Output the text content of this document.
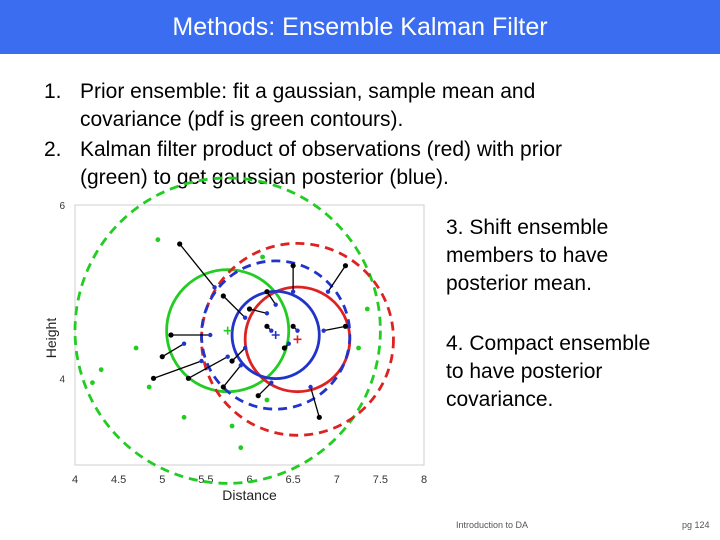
Methods: Ensemble Kalman Filter
1. Prior ensemble: fit a gaussian, sample mean and
covariance (pdf is green contours).
2. Kalman filter product of observations (red) with prior
(green) to get gaussian posterior (blue).
3. Shift ensemble
members to have
posterior mean.
4. Compact ensemble
to have posterior
covariance.
Introduction to DA	pg 124
4	4.5	5	5.5	6	6.5	7	7.5	8
4
6
Distance
Height
